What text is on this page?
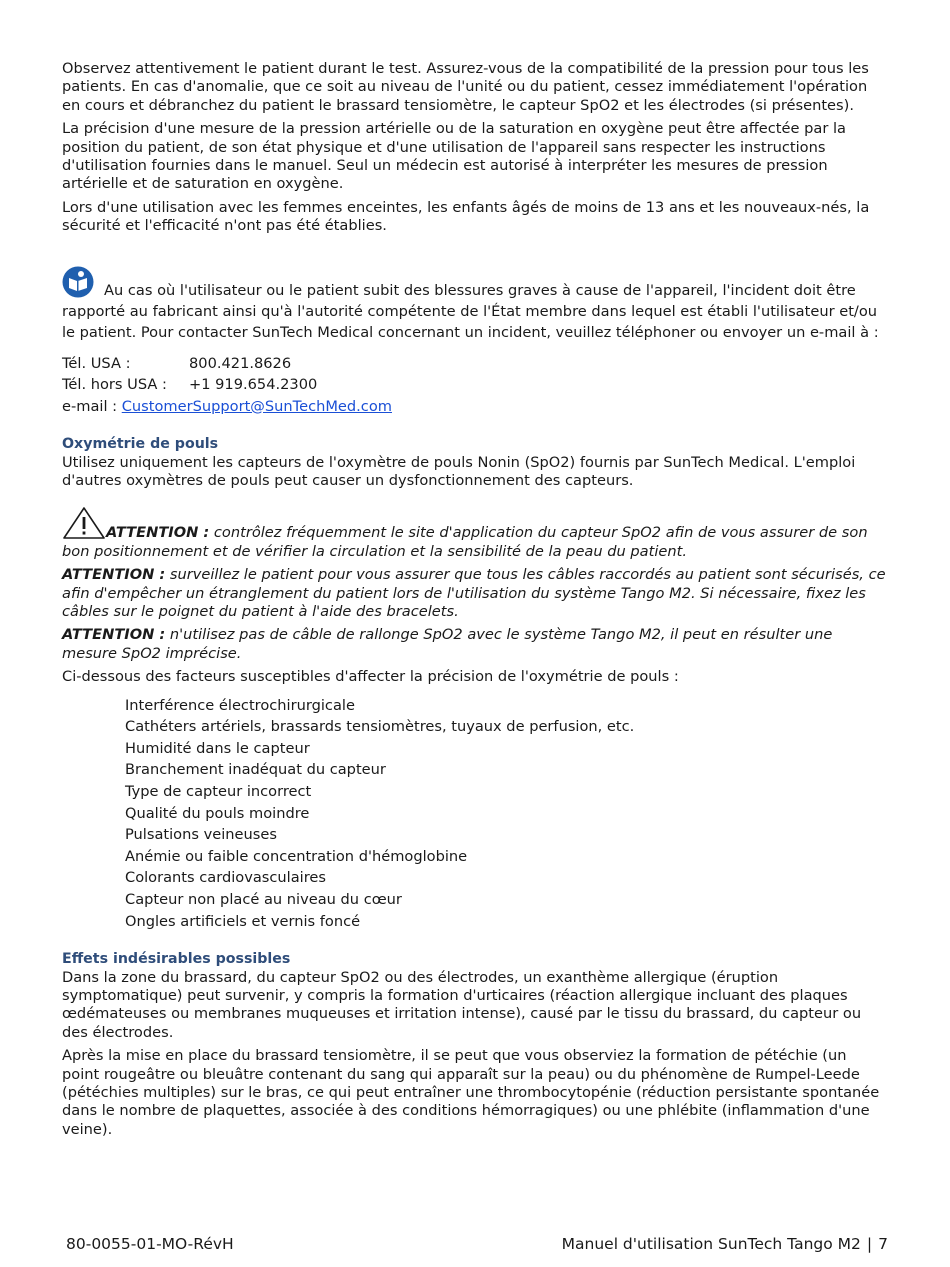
Observez attentivement le patient durant le test. Assurez-vous de la compatibilité de la pression pour tous les patients. En cas d'anomalie, que ce soit au niveau de l'unité ou du patient, cessez immédiatement l'opération en cours et débranchez du patient le brassard tensiomètre, le capteur SpO2 et les électrodes (si présentes).

La précision d'une mesure de la pression artérielle ou de la saturation en oxygène peut être affectée par la position du patient, de son état physique et d'une utilisation de l'appareil sans respecter les instructions d'utilisation fournies dans le manuel. Seul un médecin est autorisé à interpréter les mesures de pression artérielle et de saturation en oxygène.

Lors d'une utilisation avec les femmes enceintes, les enfants âgés de moins de 13 ans et les nouveaux-nés, la sécurité et l'efficacité n'ont pas été établies.

Au cas où l'utilisateur ou le patient subit des blessures graves à cause de l'appareil, l'incident doit être rapporté au fabricant ainsi qu'à l'autorité compétente de l'État membre dans lequel est établi l'utilisateur et/ou le patient. Pour contacter SunTech Medical concernant un incident, veuillez téléphoner ou envoyer un e-mail à :

Tél. USA :	800.421.8626
Tél. hors USA :	+1 919.654.2300
e-mail :
CustomerSupport@SunTechMed.com
Oxymétrie de pouls

Utilisez uniquement les capteurs de l'oxymètre de pouls Nonin (SpO2) fournis par SunTech Medical. L'emploi d'autres oxymètres de pouls peut causer un dysfonctionnement des capteurs.

ATTENTION : contrôlez fréquemment le site d'application du capteur SpO2 afin de vous assurer de son bon positionnement et de vérifier la circulation et la sensibilité de la peau du patient.

ATTENTION : surveillez le patient pour vous assurer que tous les câbles raccordés au patient sont sécurisés, ce afin d'empêcher un étranglement du patient lors de l'utilisation du système Tango M2. Si nécessaire, fixez les câbles sur le poignet du patient à l'aide des bracelets.

ATTENTION : n'utilisez pas de câble de rallonge SpO2 avec le système Tango M2, il peut en résulter une mesure SpO2 imprécise.

Ci-dessous des facteurs susceptibles d'affecter la précision de l'oxymétrie de pouls :

Interférence électrochirurgicale
Cathéters artériels, brassards tensiomètres, tuyaux de perfusion, etc.
Humidité dans le capteur
Branchement inadéquat du capteur
Type de capteur incorrect
Qualité du pouls moindre
Pulsations veineuses
Anémie ou faible concentration d'hémoglobine
Colorants cardiovasculaires
Capteur non placé au niveau du cœur
Ongles artificiels et vernis foncé
Effets indésirables possibles

Dans la zone du brassard, du capteur SpO2 ou des électrodes, un exanthème allergique (éruption symptomatique) peut survenir, y compris la formation d'urticaires (réaction allergique incluant des plaques œdémateuses ou membranes muqueuses et irritation intense), causé par le tissu du brassard, du capteur ou des électrodes.

Après la mise en place du brassard tensiomètre, il se peut que vous observiez la formation de pétéchie (un point rougeâtre ou bleuâtre contenant du sang qui apparaît sur la peau) ou du phénomène de Rumpel-Leede (pétéchies multiples) sur le bras, ce qui peut entraîner une thrombocytopénie (réduction persistante spontanée dans le nombre de plaquettes, associée à des conditions hémorragiques) ou une phlébite (inflammation d'une veine).

80-0055-01-MO-RévH	Manuel d'utilisation SunTech Tango M2 | 7
